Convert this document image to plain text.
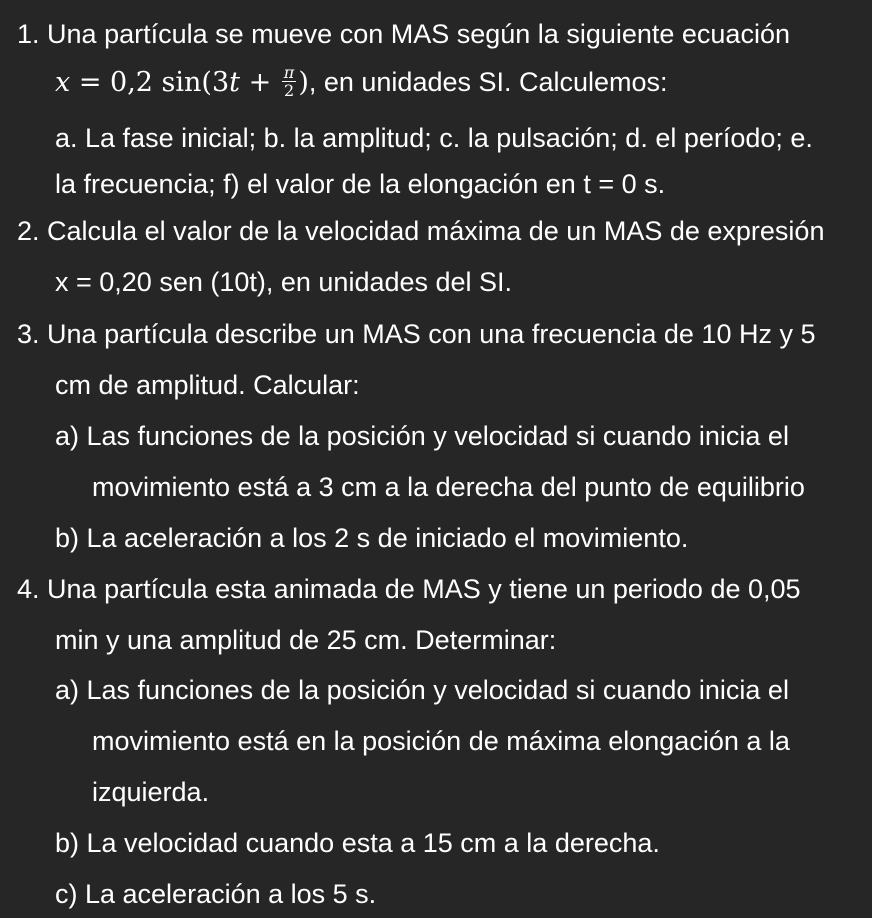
1. Una partícula se mueve con MAS según la siguiente ecuación
x = 0,2 $\sin(3t + \frac{\pi}{2}$ ), en unidades SI. Calculemos:
a. La fase inicial; b. la amplitud; c. la pulsación; d. el período; e.
la frecuencia; f) el valor de la elongación en t = 0 s.
2. Calcula el valor de la velocidad máxima de un MAS de expresión
x = 0,20 sen (10t), en unidades del SI.
3. Una partícula describe un MAS con una frecuencia de 10 Hz y 5
cm de amplitud. Calcular:
a) Las funciones de la posición y velocidad si cuando inicia el
movimiento está a 3 cm a la derecha del punto de equilibrio
b) La aceleración a los 2 s de iniciado el movimiento.
4. Una partícula esta animada de MAS y tiene un periodo de 0,05
min y una amplitud de 25 cm. Determinar:
a) Las funciones de la posición y velocidad si cuando inicia el
movimiento está en la posición de máxima elongación a la
izquierda.
b) La velocidad cuando esta a 15 cm a la derecha.
c) La aceleración a los 5 s.
